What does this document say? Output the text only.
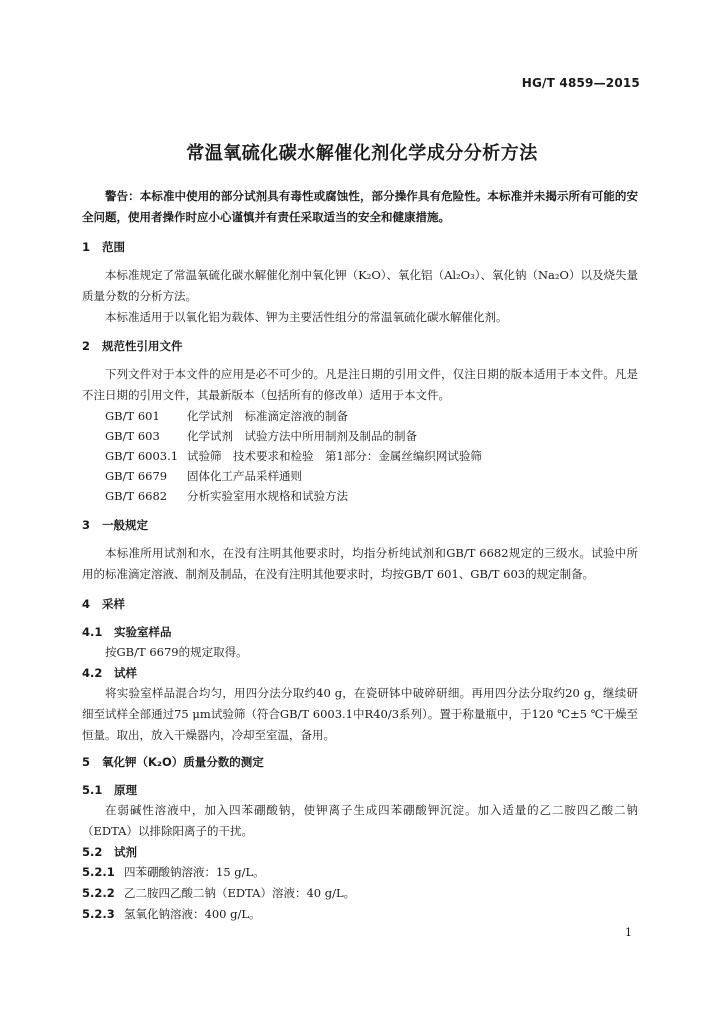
HG/T 4859—2015
常温氧硫化碳水解催化剂化学成分分析方法

警告：本标准中使用的部分试剂具有毒性或腐蚀性，部分操作具有危险性。本标准并未揭示所有可能的安全问题，使用者操作时应小心谨慎并有责任采取适当的安全和健康措施。

1 范围

本标准规定了常温氧硫化碳水解催化剂中氧化钾（K₂O）、氧化铝（Al₂O₃）、氧化钠（Na₂O）以及烧失量质量分数的分析方法。

本标准适用于以氧化铝为载体、钾为主要活性组分的常温氧硫化碳水解催化剂。

2 规范性引用文件

下列文件对于本文件的应用是必不可少的。凡是注日期的引用文件，仅注日期的版本适用于本文件。凡是不注日期的引用文件，其最新版本（包括所有的修改单）适用于本文件。

GB/T 601 化学试剂　标准滴定溶液的制备
GB/T 603 化学试剂　试验方法中所用制剂及制品的制备
GB/T 6003.1 试验筛　技术要求和检验　第1部分：金属丝编织网试验筛
GB/T 6679 固体化工产品采样通则
GB/T 6682 分析实验室用水规格和试验方法
3 一般规定

本标准所用试剂和水，在没有注明其他要求时，均指分析纯试剂和GB/T 6682规定的三级水。试验中所用的标准滴定溶液、制剂及制品，在没有注明其他要求时，均按GB/T 601、GB/T 603的规定制备。

4 采样
4.1 实验室样品

按GB/T 6679的规定取得。

4.2 试样

将实验室样品混合均匀，用四分法分取约40 g，在瓷研钵中破碎研细。再用四分法分取约20 g，继续研细至试样全部通过75 μm试验筛（符合GB/T 6003.1中R40/3系列）。置于称量瓶中，于120 ℃±5 ℃干燥至恒量。取出，放入干燥器内，冷却至室温，备用。

5 氧化钾（K₂O）质量分数的测定
5.1 原理

在弱碱性溶液中，加入四苯硼酸钠，使钾离子生成四苯硼酸钾沉淀。加入适量的乙二胺四乙酸二钠（EDTA）以排除阳离子的干扰。

5.2 试剂
5.2.1 四苯硼酸钠溶液：15 g/L。
5.2.2 乙二胺四乙酸二钠（EDTA）溶液：40 g/L。
5.2.3 氢氧化钠溶液：400 g/L。
1
